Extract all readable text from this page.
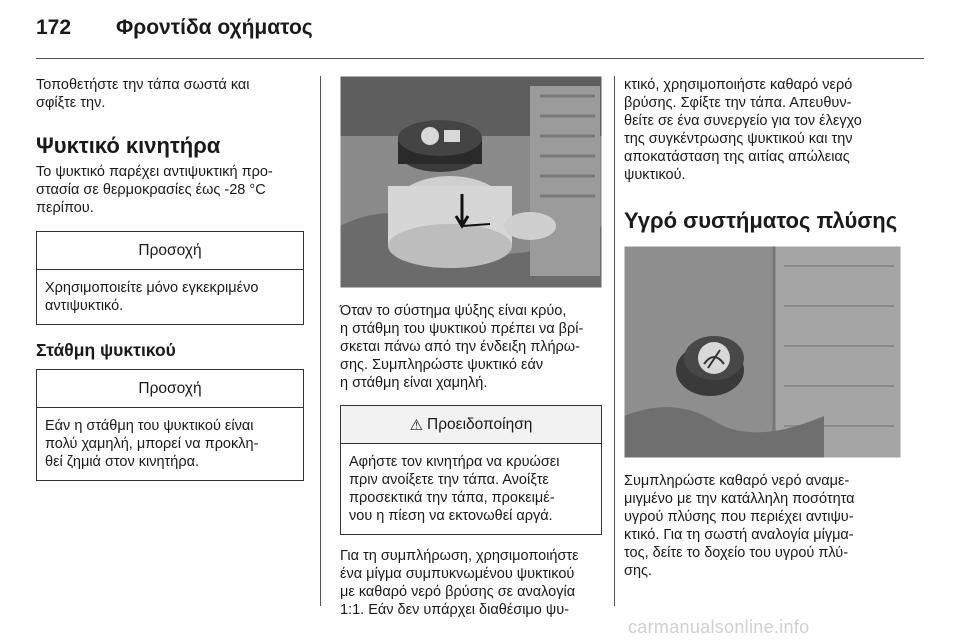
172 Φροντίδα οχήματος

Τοποθετήστε την τάπα σωστά και
σφίξτε την.

Ψυκτικό κινητήρα

Το ψυκτικό παρέχει αντιψυκτική προ-
στασία σε θερμοκρασίες έως -28 °C
περίπου.

Προσοχή
Χρησιμοποιείτε μόνο εγκεκριμένο
αντιψυκτικό.
Στάθμη ψυκτικού
Προσοχή
Εάν η στάθμη του ψυκτικού είναι
πολύ χαμηλή, μπορεί να προκλη-
θεί ζημιά στον κινητήρα.

Όταν το σύστημα ψύξης είναι κρύο,
η στάθμη του ψυκτικού πρέπει να βρί-
σκεται πάνω από την ένδειξη πλήρω-
σης. Συμπληρώστε ψυκτικό εάν
η στάθμη είναι χαμηλή.

⚠ Προειδοποίηση
Αφήστε τον κινητήρα να κρυώσει
πριν ανοίξετε την τάπα. Ανοίξτε
προσεκτικά την τάπα, προκειμέ-
νου η πίεση να εκτονωθεί αργά.

Για τη συμπλήρωση, χρησιμοποιήστε
ένα μίγμα συμπυκνωμένου ψυκτικού
με καθαρό νερό βρύσης σε αναλογία
1:1. Εάν δεν υπάρχει διαθέσιμο ψυ-

κτικό, χρησιμοποιήστε καθαρό νερό
βρύσης. Σφίξτε την τάπα. Απευθυν-
θείτε σε ένα συνεργείο για τον έλεγχο
της συγκέντρωσης ψυκτικού και την
αποκατάσταση της αιτίας απώλειας
ψυκτικού.

Υγρό συστήματος πλύσης

Συμπληρώστε καθαρό νερό αναμε-
μιγμένο με την κατάλληλη ποσότητα
υγρού πλύσης που περιέχει αντιψυ-
κτικό. Για τη σωστή αναλογία μίγμα-
τος, δείτε το δοχείο του υγρού πλύ-
σης.

carmanualsonline.info
